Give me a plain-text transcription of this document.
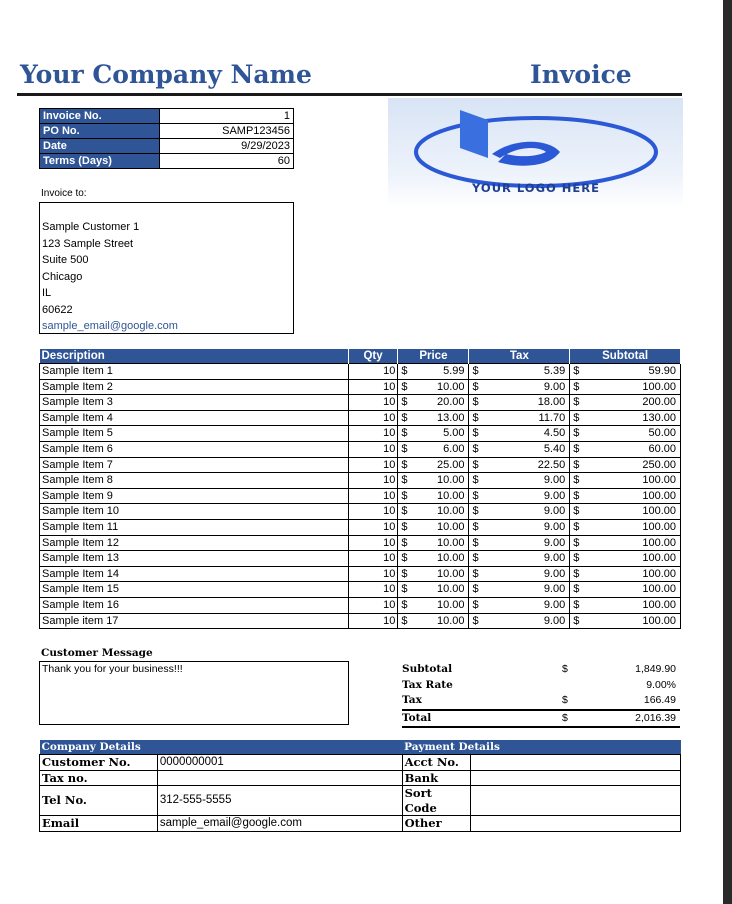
Your Company Name	Invoice
Invoice No.	1
PO No.	SAMP123456
Date	9/29/2023
Terms (Days)	60
YOUR LOGO HERE
Invoice to:
Sample Customer 1
123 Sample Street
Suite 500
Chicago
IL
60622
sample_email@google.com
Description	Qty	Price		Tax		Subtotal	
Sample Item 1	10	$	5.99	$	5.39	$	59.90
Sample Item 2	10	$	10.00	$	9.00	$	100.00
Sample Item 3	10	$	20.00	$	18.00	$	200.00
Sample Item 4	10	$	13.00	$	11.70	$	130.00
Sample Item 5	10	$	5.00	$	4.50	$	50.00
Sample Item 6	10	$	6.00	$	5.40	$	60.00
Sample Item 7	10	$	25.00	$	22.50	$	250.00
Sample Item 8	10	$	10.00	$	9.00	$	100.00
Sample Item 9	10	$	10.00	$	9.00	$	100.00
Sample Item 10	10	$	10.00	$	9.00	$	100.00
Sample Item 11	10	$	10.00	$	9.00	$	100.00
Sample Item 12	10	$	10.00	$	9.00	$	100.00
Sample Item 13	10	$	10.00	$	9.00	$	100.00
Sample Item 14	10	$	10.00	$	9.00	$	100.00
Sample Item 15	10	$	10.00	$	9.00	$	100.00
Sample Item 16	10	$	10.00	$	9.00	$	100.00
Sample item 17	10	$	10.00	$	9.00	$	100.00
Customer Message
Thank you for your business!!!	Subtotal	$	1,849.90
Tax Rate		9.00%
Tax	$	166.49
Total	$	2,016.39
Company Details		Payment Details	
Customer No.	0000000001	Acct No.	
Tax no.		Bank	
Tel No.	312-555-5555	Sort Code	
Email	sample_email@google.com	Other	
